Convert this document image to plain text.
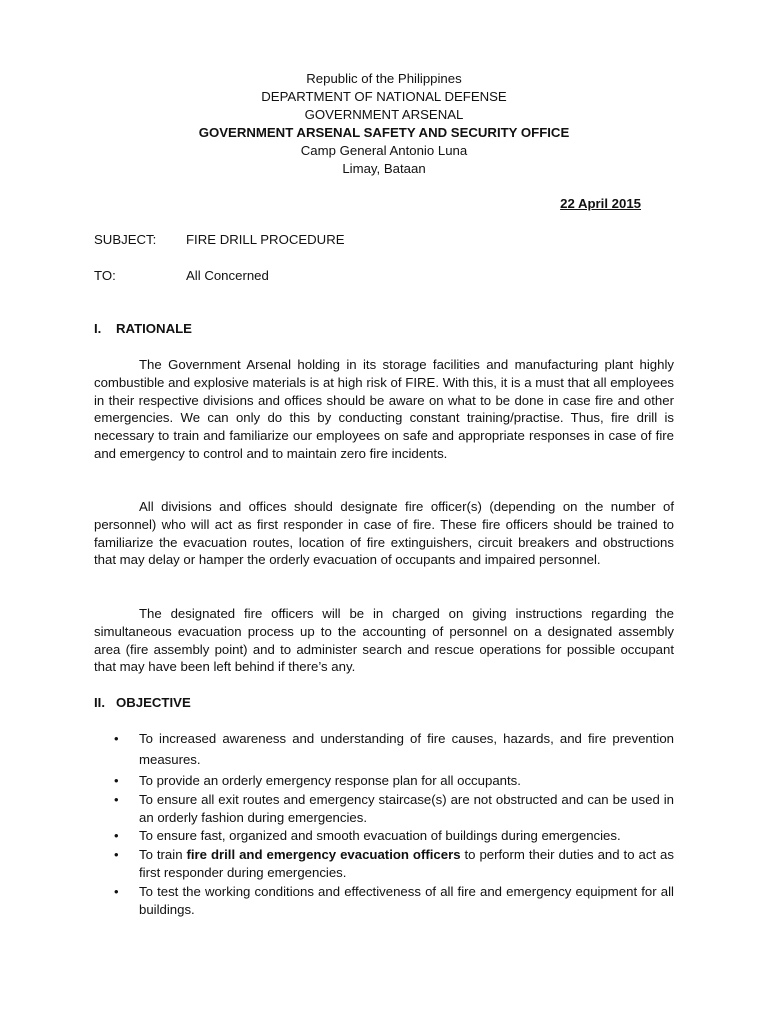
Republic of the Philippines
DEPARTMENT OF NATIONAL DEFENSE
GOVERNMENT ARSENAL
GOVERNMENT ARSENAL SAFETY AND SECURITY OFFICE
Camp General Antonio Luna
Limay, Bataan
22 April 2015
SUBJECT: FIRE DRILL PROCEDURE
TO:	All Concerned
I. RATIONALE

The Government Arsenal holding in its storage facilities and manufacturing plant highly combustible and explosive materials is at high risk of FIRE. With this, it is a must that all employees in their respective divisions and offices should be aware on what to be done in case fire and other emergencies. We can only do this by conducting constant training/practise. Thus, fire drill is necessary to train and familiarize our employees on safe and appropriate responses in case of fire and emergency to control and to maintain zero fire incidents.

All divisions and offices should designate fire officer(s) (depending on the number of personnel) who will act as first responder in case of fire. These fire officers should be trained to familiarize the evacuation routes, location of fire extinguishers, circuit breakers and obstructions that may delay or hamper the orderly evacuation of occupants and impaired personnel.

The designated fire officers will be in charged on giving instructions regarding the simultaneous evacuation process up to the accounting of personnel on a designated assembly area (fire assembly point) and to administer search and rescue operations for possible occupant that may have been left behind if there’s any.

II. OBJECTIVE
• To increased awareness and understanding of fire causes, hazards, and fire prevention measures.
• To provide an orderly emergency response plan for all occupants.
• To ensure all exit routes and emergency staircase(s) are not obstructed and can be used in an orderly fashion during emergencies.
• To ensure fast, organized and smooth evacuation of buildings during emergencies.
• To train fire drill and emergency evacuation officers to perform their duties and to act as first responder during emergencies.
• To test the working conditions and effectiveness of all fire and emergency equipment for all buildings.
